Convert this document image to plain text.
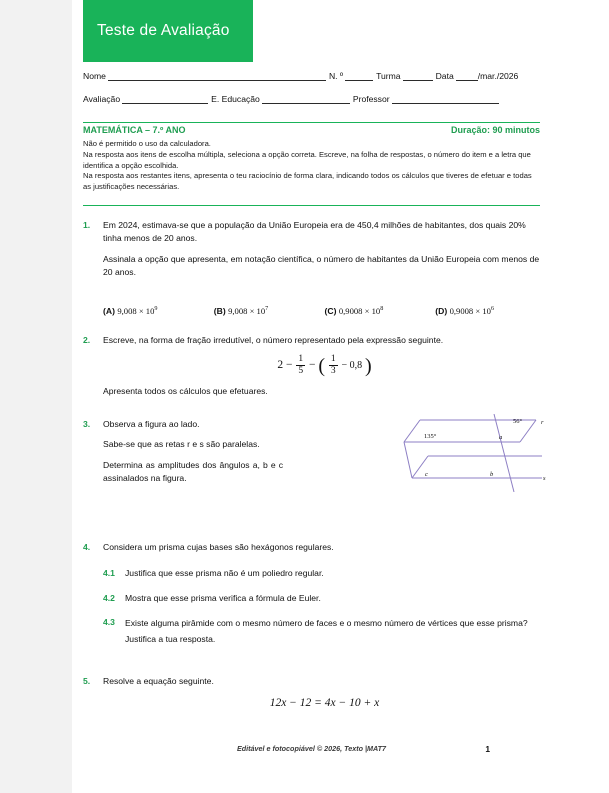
Teste de Avaliação
Nome	N. º	Turma	Data	/mar./2026
Avaliação	E. Educação	Professor
MATEMÁTICA – 7.º ANO	Duração: 90 minutos
Não é permitido o uso da calculadora.
Na resposta aos itens de escolha múltipla, seleciona a opção correta. Escreve, na folha de respostas, o número do item e a letra que identifica a opção escolhida.
Na resposta aos restantes itens, apresenta o teu raciocínio de forma clara, indicando todos os cálculos que tiveres de efetuar e todas as justificações necessárias.
1.	Em 2024, estimava-se que a população da União Europeia era de 450,4 milhões de habitantes, dos quais 20% tinha menos de 20 anos.

Assinala a opção que apresenta, em notação científica, o número de habitantes da União Europeia com menos de 20 anos.

(A) $9,008 \times 10^9$	(B) $9,008 \times 10^7$	(C) $0,9008 \times 10^8$	(D) $0,9008 \times 10^6$
2.	Escreve, na forma de fração irredutível, o número representado pela expressão seguinte.

$2 - \frac{1}{5}$ − ( $\frac{1}{3} - 0,8$ )

Apresenta todos os cálculos que efetuares.

3.	Observa a figura ao lado.

Sabe-se que as retas r e s são paralelas.

Determina as amplitudes dos ângulos a, b e c assinalados na figura.

135°
56°
a
b
c
r
s
4.	Considera um prisma cujas bases são hexágonos regulares.

4.1	Justifica que esse prisma não é um poliedro regular.
4.2	Mostra que esse prisma verifica a fórmula de Euler.
4.3	Existe alguma pirâmide com o mesmo número de faces e o mesmo número de vértices que esse prisma? Justifica a tua resposta.
5.	Resolve a equação seguinte.

12x − 12 = 4x − 10 + x
Editável e fotocopiável © 2026, Texto |MAT7	1
